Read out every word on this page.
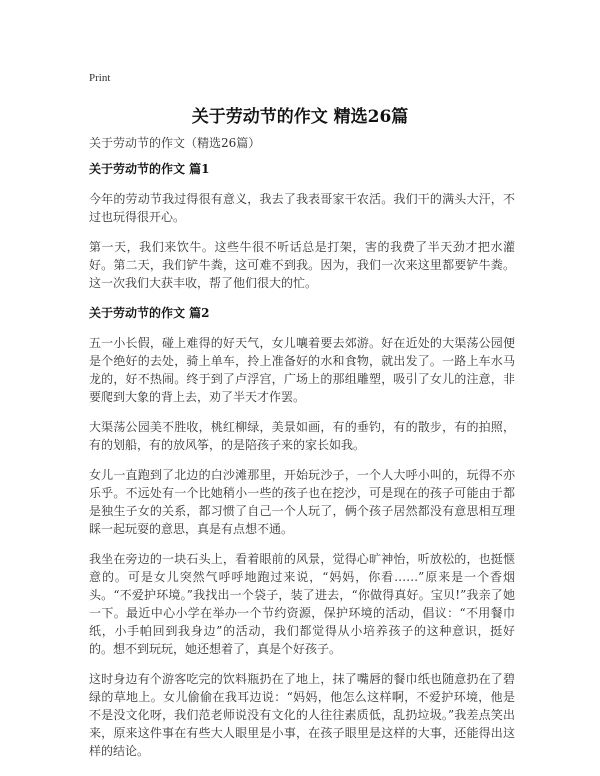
Print
关于劳动节的作文 精选26篇
关于劳动节的作文（精选26篇）
关于劳动节的作文 篇1
今年的劳动节我过得很有意义，我去了我表哥家干农活。我们干的满头大汗，不过也玩得很开心。
第一天，我们来饮牛。这些牛很不听话总是打架，害的我费了半天劲才把水灌好。第二天，我们铲牛粪，这可难不到我。因为，我们一次来这里都要铲牛粪。这一次我们大获丰收，帮了他们很大的忙。
关于劳动节的作文 篇2
五一小长假，碰上难得的好天气，女儿嚷着要去郊游。好在近处的大渠荡公园便是个绝好的去处，骑上单车，拎上准备好的水和食物，就出发了。一路上车水马龙的，好不热闹。终于到了卢浮宫，广场上的那组雕塑，吸引了女儿的注意，非要爬到大象的背上去，劝了半天才作罢。
大渠荡公园美不胜收，桃红柳绿，美景如画，有的垂钓，有的散步，有的拍照，有的划船，有的放风筝，的是陪孩子来的家长如我。
女儿一直跑到了北边的白沙滩那里，开始玩沙子，一个人大呼小叫的，玩得不亦乐乎。不远处有一个比她稍小一些的孩子也在挖沙，可是现在的孩子可能由于都是独生子女的关系，都习惯了自己一个人玩了，俩个孩子居然都没有意思相互理睬一起玩耍的意思，真是有点想不通。
我坐在旁边的一块石头上，看着眼前的风景，觉得心旷神怡，听放松的，也挺惬意的。可是女儿突然气呼呼地跑过来说，“妈妈，你看……”原来是一个香烟头。“不爱护环境。”我找出一个袋子，装了进去，“你做得真好。宝贝!”我亲了她一下。最近中心小学在举办一个节约资源，保护环境的活动，倡议：“不用餐巾纸，小手帕回到我身边”的活动，我们都觉得从小培养孩子的这种意识，挺好的。想不到玩玩，她还想着了，真是个好孩子。
这时身边有个游客吃完的饮料瓶扔在了地上，抹了嘴唇的餐巾纸也随意扔在了碧绿的草地上。女儿偷偷在我耳边说：“妈妈，他怎么这样啊，不爱护环境，他是不是没文化呀，我们范老师说没有文化的人往往素质低，乱扔垃圾。”我差点笑出来，原来这件事在有些大人眼里是小事，在孩子眼里是这样的大事，还能得出这样的结论。
